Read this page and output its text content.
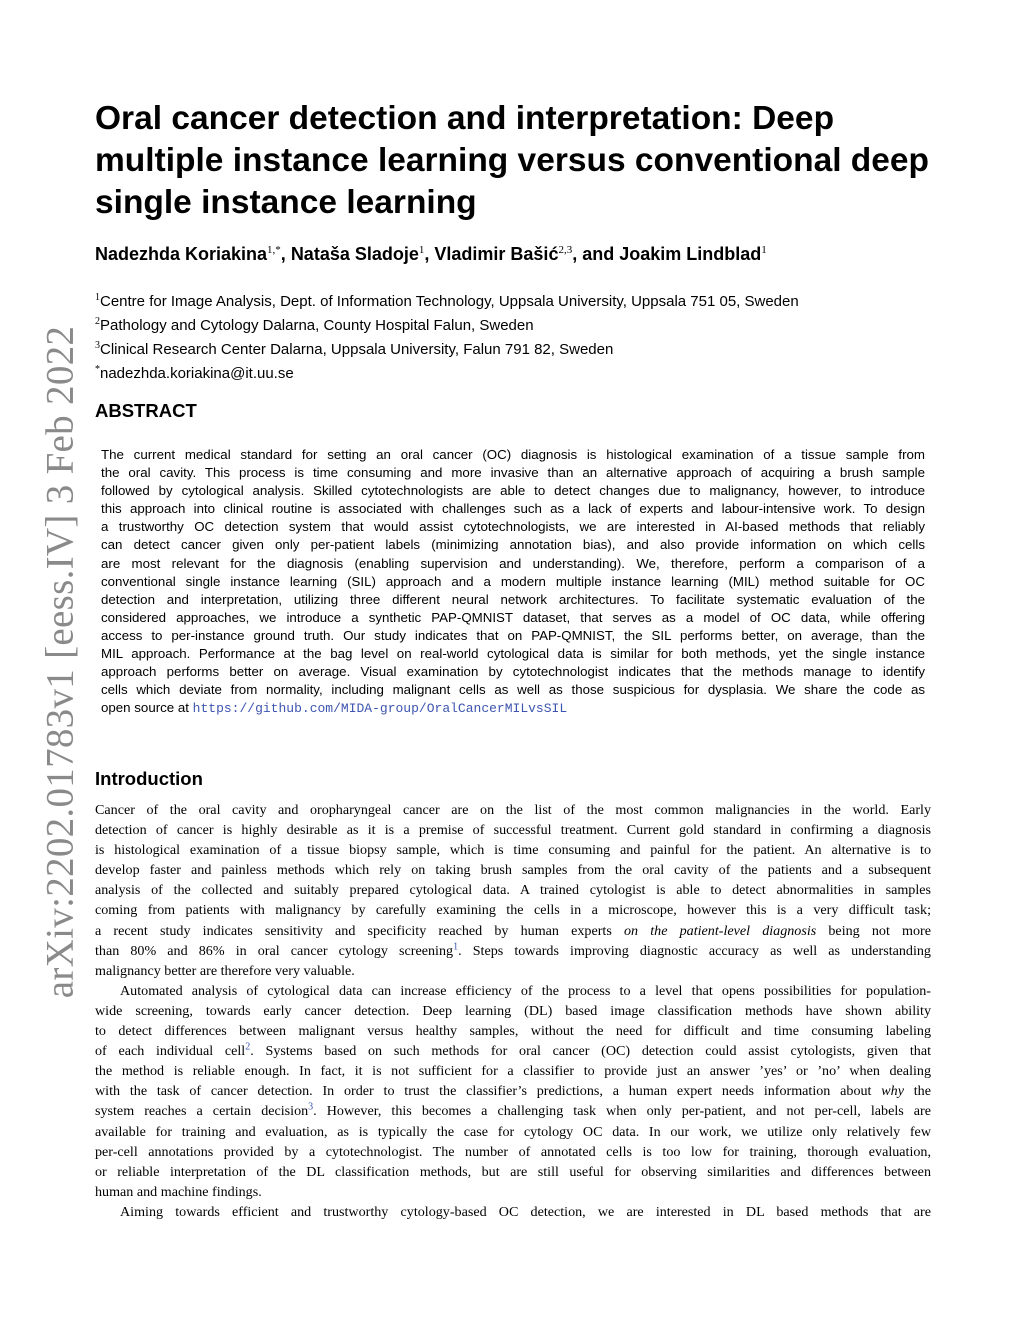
arXiv:2202.01783v1 [eess.IV] 3 Feb 2022
Oral cancer detection and interpretation: Deep
multiple instance learning versus conventional deep
single instance learning
Nadezhda Koriakina$^{1,*}$, Nataša Sladoje$^1$, Vladimir Bašić$^{2,3}$, and Joakim Lindblad$^1$
$^1$Centre for Image Analysis, Dept. of Information Technology, Uppsala University, Uppsala 751 05, Sweden
$^2$Pathology and Cytology Dalarna, County Hospital Falun, Sweden
$^3$Clinical Research Center Dalarna, Uppsala University, Falun 791 82, Sweden
*nadezhda.koriakina@it.uu.se
ABSTRACT
The current medical standard for setting an oral cancer (OC) diagnosis is histological examination of a tissue sample from
the oral cavity. This process is time consuming and more invasive than an alternative approach of acquiring a brush sample
followed by cytological analysis. Skilled cytotechnologists are able to detect changes due to malignancy, however, to introduce
this approach into clinical routine is associated with challenges such as a lack of experts and labour-intensive work. To design
a trustworthy OC detection system that would assist cytotechnologists, we are interested in AI-based methods that reliably
can detect cancer given only per-patient labels (minimizing annotation bias), and also provide information on which cells
are most relevant for the diagnosis (enabling supervision and understanding). We, therefore, perform a comparison of a
conventional single instance learning (SIL) approach and a modern multiple instance learning (MIL) method suitable for OC
detection and interpretation, utilizing three different neural network architectures. To facilitate systematic evaluation of the
considered approaches, we introduce a synthetic PAP-QMNIST dataset, that serves as a model of OC data, while offering
access to per-instance ground truth. Our study indicates that on PAP-QMNIST, the SIL performs better, on average, than the
MIL approach. Performance at the bag level on real-world cytological data is similar for both methods, yet the single instance
approach performs better on average. Visual examination by cytotechnologist indicates that the methods manage to identify
cells which deviate from normality, including malignant cells as well as those suspicious for dysplasia. We share the code as
open source at https://github.com/MIDA-group/OralCancerMILvsSIL
Introduction
Cancer of the oral cavity and oropharyngeal cancer are on the list of the most common malignancies in the world. Early
detection of cancer is highly desirable as it is a premise of successful treatment. Current gold standard in confirming a diagnosis
is histological examination of a tissue biopsy sample, which is time consuming and painful for the patient. An alternative is to
develop faster and painless methods which rely on taking brush samples from the oral cavity of the patients and a subsequent
analysis of the collected and suitably prepared cytological data. A trained cytologist is able to detect abnormalities in samples
coming from patients with malignancy by carefully examining the cells in a microscope, however this is a very difficult task;
a recent study indicates sensitivity and specificity reached by human experts on the patient-level diagnosis being not more
than 80% and 86% in oral cancer cytology screening$^1$. Steps towards improving diagnostic accuracy as well as understanding
malignancy better are therefore very valuable.
Automated analysis of cytological data can increase efficiency of the process to a level that opens possibilities for population-
wide screening, towards early cancer detection. Deep learning (DL) based image classification methods have shown ability
to detect differences between malignant versus healthy samples, without the need for difficult and time consuming labeling
of each individual cell$^2$. Systems based on such methods for oral cancer (OC) detection could assist cytologists, given that
the method is reliable enough. In fact, it is not sufficient for a classifier to provide just an answer ’yes’ or ’no’ when dealing
with the task of cancer detection. In order to trust the classifier’s predictions, a human expert needs information about why the
system reaches a certain decision$^3$. However, this becomes a challenging task when only per-patient, and not per-cell, labels are
available for training and evaluation, as is typically the case for cytology OC data. In our work, we utilize only relatively few
per-cell annotations provided by a cytotechnologist. The number of annotated cells is too low for training, thorough evaluation,
or reliable interpretation of the DL classification methods, but are still useful for observing similarities and differences between
human and machine findings.
Aiming towards efficient and trustworthy cytology-based OC detection, we are interested in DL based methods that are
